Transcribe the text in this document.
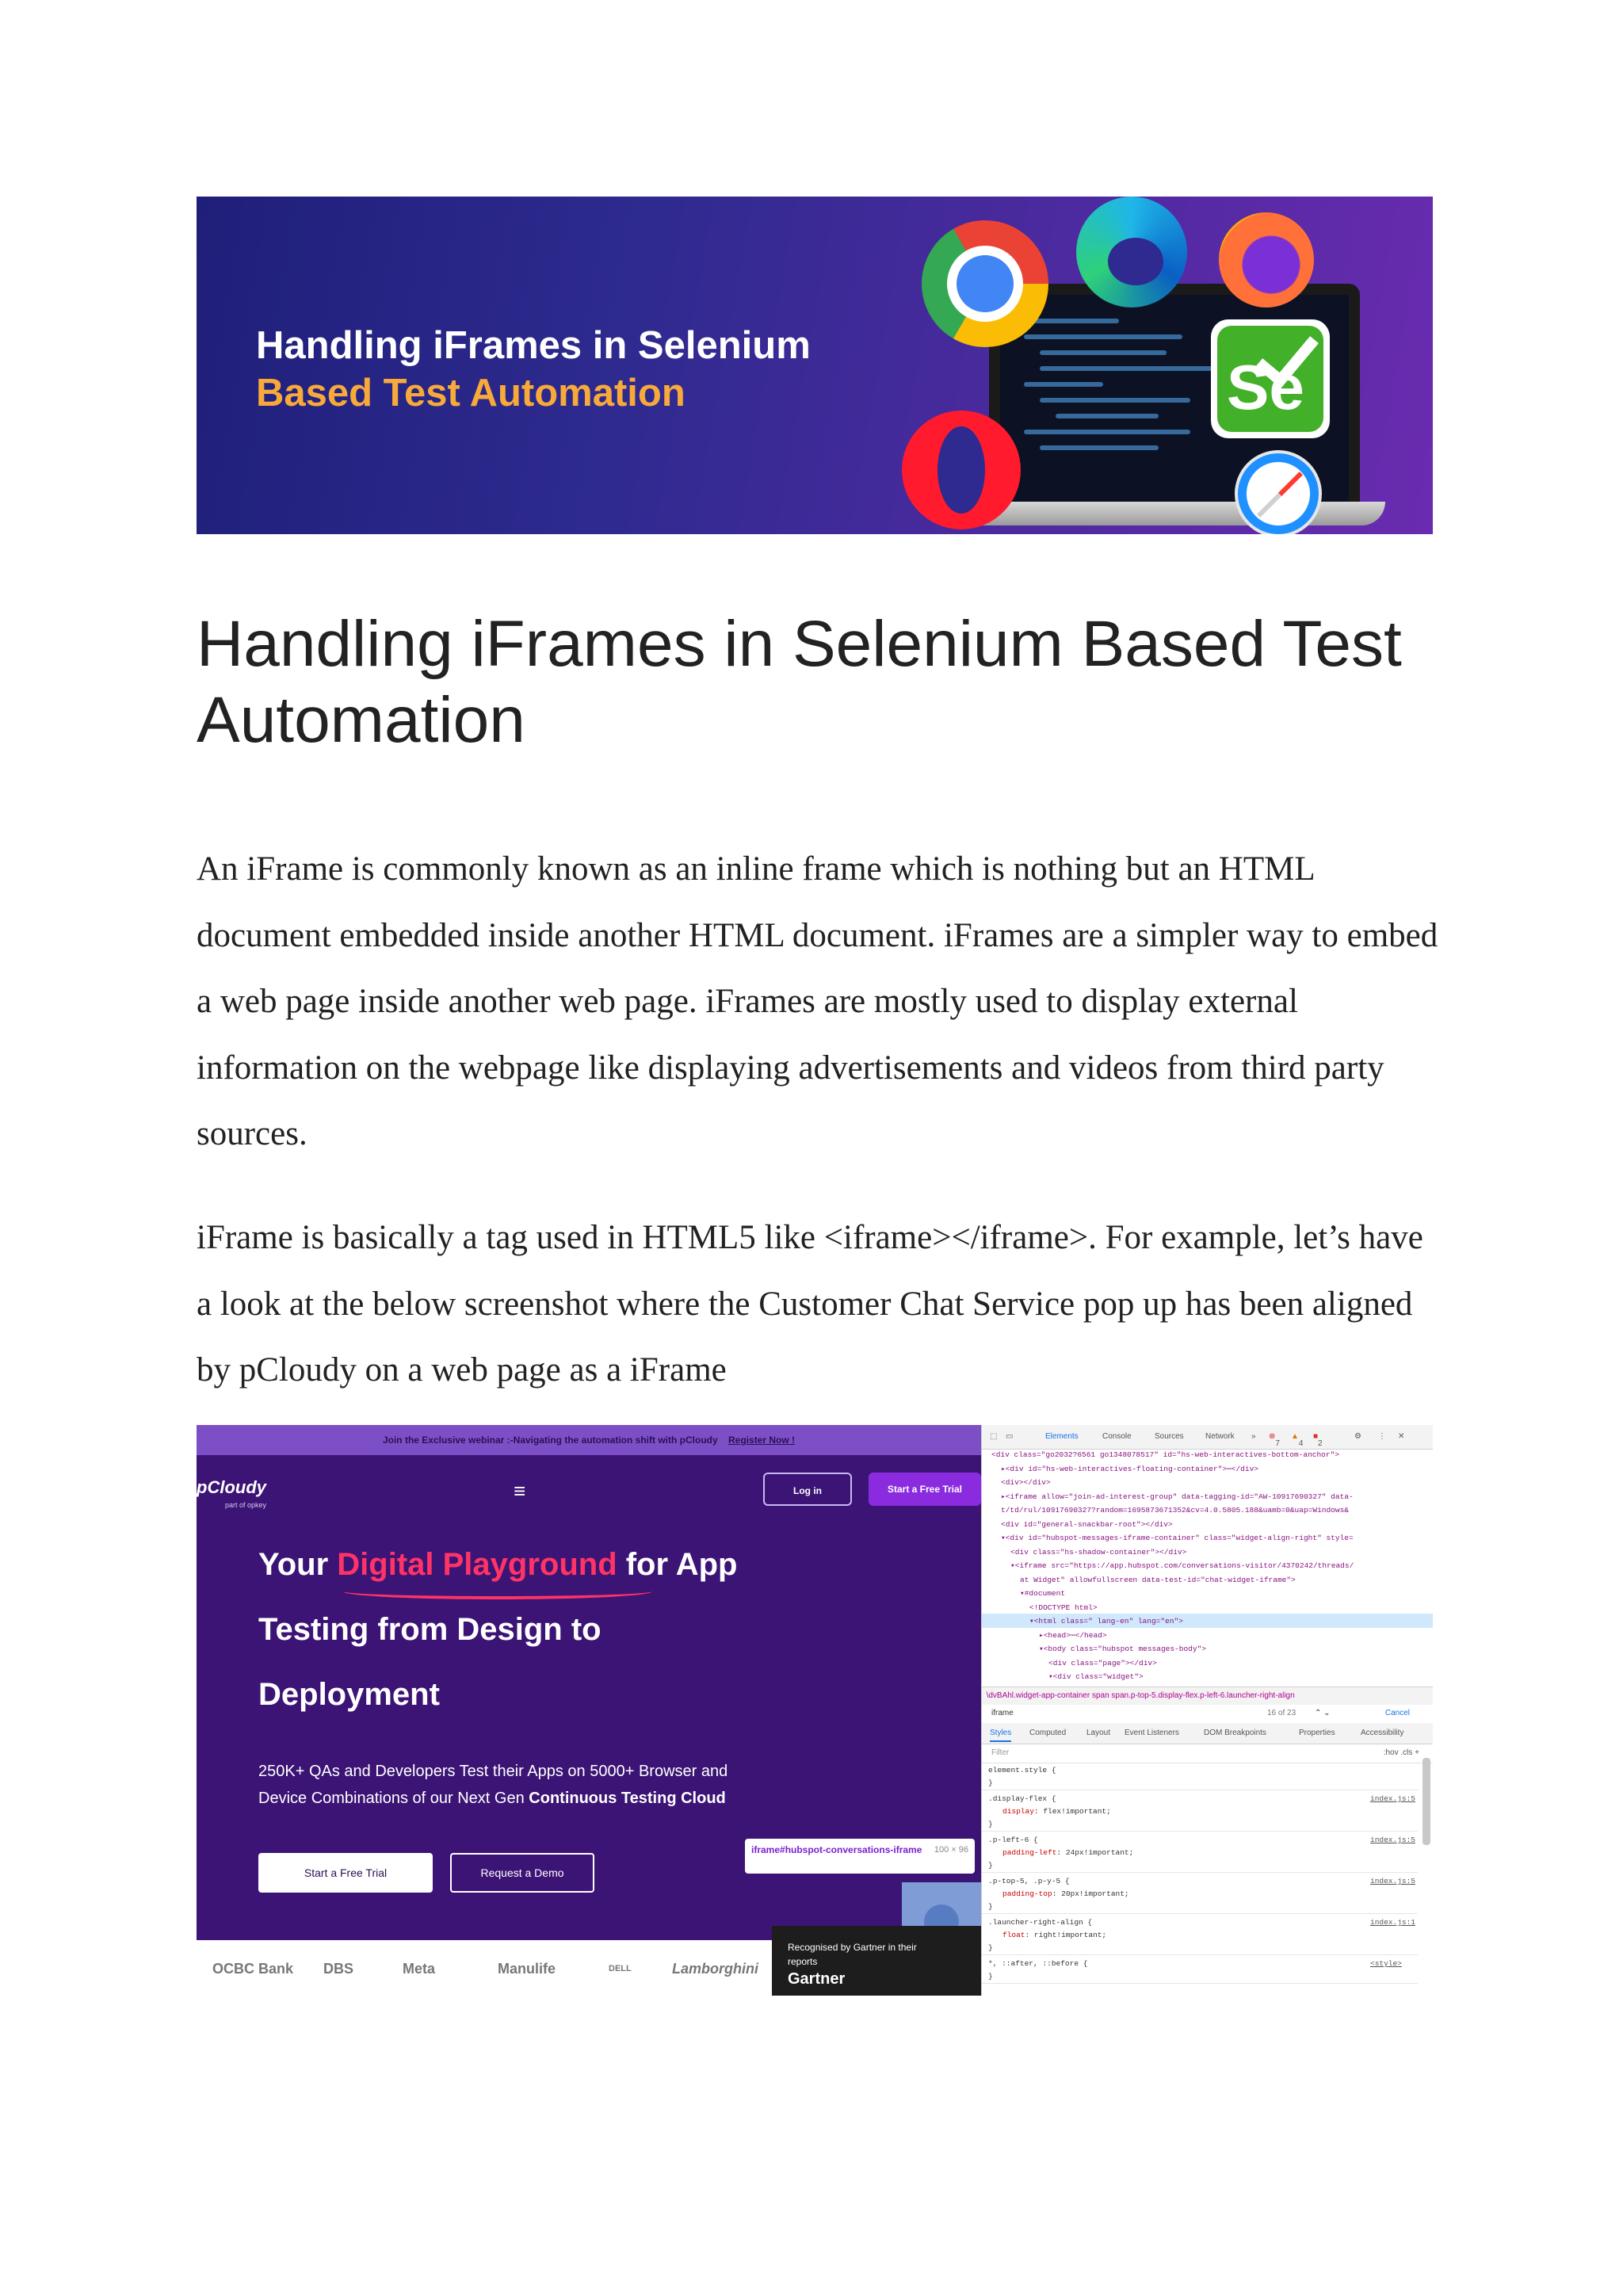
Handling iFrames in Selenium
Based Test Automation	Se
Handling iFrames in Selenium Based Test Automation

An iFrame is commonly known as an inline frame which is nothing but an HTML document embedded inside another HTML document. iFrames are a simpler way to embed a web page inside another web page. iFrames are mostly used to display external information on the webpage like displaying advertisements and videos from third party sources.

iFrame is basically a tag used in HTML5 like <iframe></iframe>. For example, let’s have a look at the below screenshot where the Customer Chat Service pop up has been aligned by pCloudy on a web page as a iFrame

Join the Exclusive webinar :-Navigating the automation shift with pCloudy Register Now !
pCloudy
part of opkey
≡	Log in	Start a Free Trial
Your Digital Playground for App
Testing from Design to
Deployment
250K+ QAs and Developers Test their Apps on 5000+ Browser and
Device Combinations of our Next Gen Continuous Testing Cloud
Start a Free Trial	Request a Demo
iframe#hubspot-conversations-iframe	100 × 96
OCBC Bank DBS	Meta	Manulife	DELL	Lamborghini
Recognised by Gartner in their reports
Gartner
⬚ ▭	Elements	Console	Sources	Network » ⊗
7
▲
4
■
2
⚙ ⋮ ✕
<div class="go2032?6561 go1348078517" id="hs-web-interactives-bottom-anchor">
▸<div id="hs-web-interactives-floating-container">⋯</div>
<div></div>
▸<iframe allow="join-ad-interest-group" data-tagging-id="AW-10917690327" data-
t/td/rul/10917690327?random=1695873671352&cv=4.0.5805.188&uamb=0&uap=Windows&
<div id="general-snackbar-root"></div>
▾<div id="hubspot-messages-iframe-container" class="widget-align-right" style=
<div class="hs-shadow-container"></div>
▾<iframe src="https://app.hubspot.com/conversations-visitor/4370242/threads/
at Widget" allowfullscreen data-test-id="chat-widget-iframe">
▾#document
<!DOCTYPE html>
▾<html class=" lang-en" lang="en">
▸<head>⋯</head>
▾<body class="hubspot messages-body">
<div class="page"></div>
▾<div class="widget">
\dvBAhl.widget-app-container span span.p-top-5.display-flex.p-left-6.launcher-right-align
iframe	16 of 23 ⌃ ⌄	Cancel
Styles Computed	Layout Event Listeners	DOM Breakpoints	Properties	Accessibility
Filter	:hov .cls +
element.style {
}
.display-flex {	index.js:5
display: flex!important;
}
.p-left-6 {	index.js:5
padding-left: 24px!important;
}
.p-top-5, .p-y-5 {	index.js:5
padding-top: 20px!important;
}
.launcher-right-align {	index.js:1
float: right!important;
}
*, ::after, ::before {	<style>
}
